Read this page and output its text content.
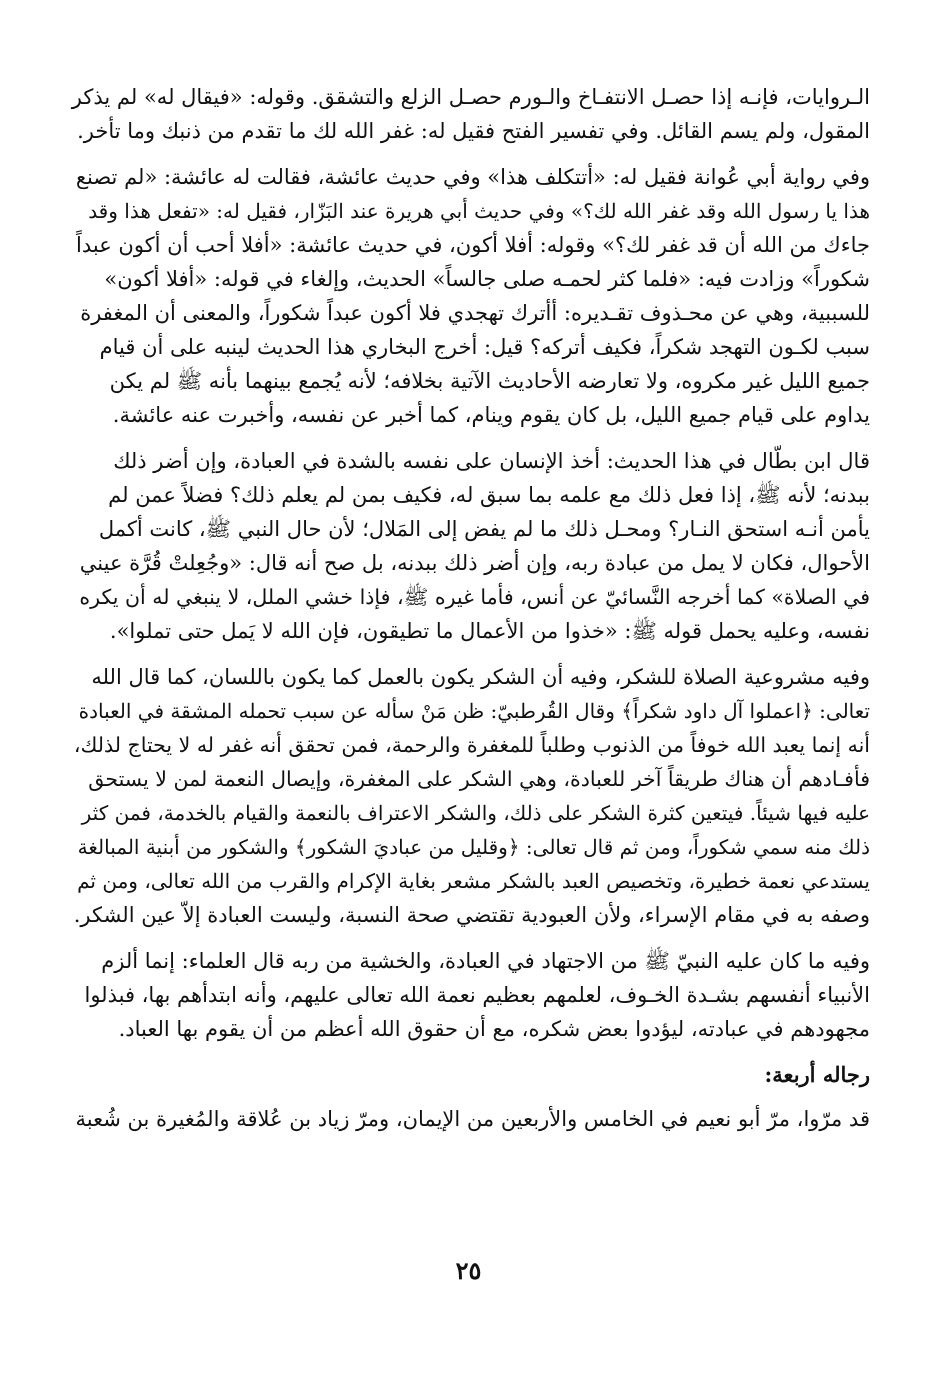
الـروايات، فإنـه إذا حصـل الانتفـاخ والـورم حصـل الزلع والتشقق. وقوله: «فيقال له» لم يذكر
المقول، ولم يسم القائل. وفي تفسير الفتح فقيل له: غفر الله لك ما تقدم من ذنبك وما تأخر.
وفي رواية أبي عُوانة فقيل له: «أتتكلف هذا» وفي حديث عائشة، فقالت له عائشة: «لم تصنع
هذا يا رسول الله وقد غفر الله لك؟» وفي حديث أبي هريرة عند البَزّار، فقيل له: «تفعل هذا وقد
جاءك من الله أن قد غفر لك؟» وقوله: أفلا أكون، في حديث عائشة: «أفلا أحب أن أكون عبداً
شكوراً» وزادت فيه: «فلما كثر لحمـه صلى جالساً» الحديث، وإلغاء في قوله: «أفلا أكون»
للسببية، وهي عن محـذوف تقـديره: أأترك تهجدي فلا أكون عبداً شكوراً، والمعنى أن المغفرة
سبب لكـون التهجد شكراً، فكيف أتركه؟ قيل: أخرج البخاري هذا الحديث لينبه على أن قيام
جميع الليل غير مكروه، ولا تعارضه الأحاديث الآتية بخلافه؛ لأنه يُجمع بينهما بأنه ﷺ لم يكن
يداوم على قيام جميع الليل، بل كان يقوم وينام، كما أخبر عن نفسه، وأخبرت عنه عائشة.
قال ابن بطّال في هذا الحديث: أخذ الإنسان على نفسه بالشدة في العبادة، وإن أضر ذلك
ببدنه؛ لأنه ﷺ، إذا فعل ذلك مع علمه بما سبق له، فكيف بمن لم يعلم ذلك؟ فضلاً عمن لم
يأمن أنـه استحق النـار؟ ومحـل ذلك ما لم يفض إلى المَلال؛ لأن حال النبي ﷺ، كانت أكمل
الأحوال، فكان لا يمل من عبادة ربه، وإن أضر ذلك ببدنه، بل صح أنه قال: «وجُعِلتْ قُرَّة عيني
في الصلاة» كما أخرجه النَّسائيّ عن أنس، فأما غيره ﷺ، فإذا خشي الملل، لا ينبغي له أن يكره
نفسه، وعليه يحمل قوله ﷺ: «خذوا من الأعمال ما تطيقون، فإن الله لا يَمل حتى تملوا».
وفيه مشروعية الصلاة للشكر، وفيه أن الشكر يكون بالعمل كما يكون باللسان، كما قال الله
تعالى: ﴿اعملوا آل داود شكراً﴾ وقال القُرطبيّ: ظن مَنْ سأله عن سبب تحمله المشقة في العبادة
أنه إنما يعبد الله خوفاً من الذنوب وطلباً للمغفرة والرحمة، فمن تحقق أنه غفر له لا يحتاج لذلك،
فأفـادهم أن هناك طريقاً آخر للعبادة، وهي الشكر على المغفرة، وإيصال النعمة لمن لا يستحق
عليه فيها شيئاً. فيتعين كثرة الشكر على ذلك، والشكر الاعتراف بالنعمة والقيام بالخدمة، فمن كثر
ذلك منه سمي شكوراً، ومن ثم قال تعالى: ﴿وقليل من عباديَ الشكور﴾ والشكور من أبنية المبالغة
يستدعي نعمة خطيرة، وتخصيص العبد بالشكر مشعر بغاية الإكرام والقرب من الله تعالى، ومن ثم
وصفه به في مقام الإسراء، ولأن العبودية تقتضي صحة النسبة، وليست العبادة إلاّ عين الشكر.
وفيه ما كان عليه النبيّ ﷺ من الاجتهاد في العبادة، والخشية من ربه قال العلماء: إنما ألزم
الأنبياء أنفسهم بشـدة الخـوف، لعلمهم بعظيم نعمة الله تعالى عليهم، وأنه ابتدأهم بها، فبذلوا
مجهودهم في عبادته، ليؤدوا بعض شكره، مع أن حقوق الله أعظم من أن يقوم بها العباد.
رجاله أربعة:
قد مرّوا، مرّ أبو نعيم في الخامس والأربعين من الإيمان، ومرّ زياد بن عُلاقة والمُغيرة بن شُعبة
٢٥
